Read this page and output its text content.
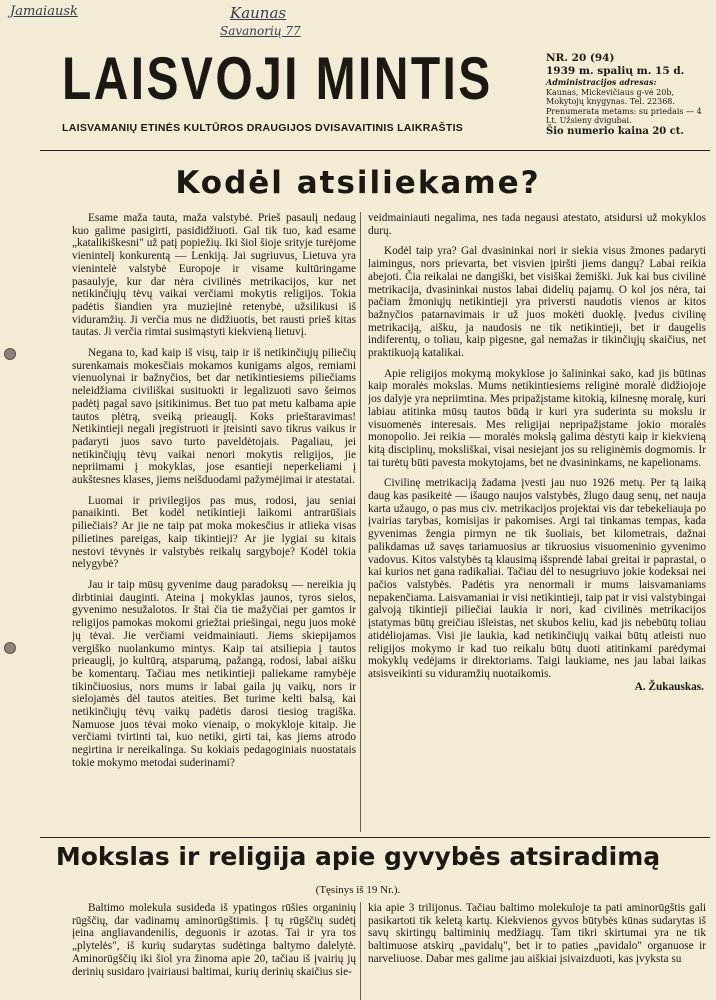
Jamaiausk	Kaunas
Savanorių 77
LAISVOJI MINTIS
LAISVAMANIŲ ETINĖS KULTŪROS DRAUGIJOS DVISAVAITINIS LAIKRAŠTIS
NR. 20 (94)
1939 m. spalių m. 15 d.
Administracijos adresas:
Kaunas, Mickevičiaus g-vė 20b, Mokytojų knygynas. Tel. 22368.
Prenumerata metams: su priedais — 4 Lt. Užsieny dvigubai.
Šio numerio kaina 20 ct.
Kodėl atsiliekame?

Esame maža tauta, maža valstybė. Prieš pasaulį nedaug kuo galime pasigirti, pasididžiuoti. Gal tik tuo, kad esame „katalikiškesni" už patį popiežių. Iki šiol šioje srityje turėjome vienintelį konkurentą — Lenkiją. Jai sugriuvus, Lietuva yra vienintelė valstybė Europoje ir visame kultūringame pasaulyje, kur dar nėra civilinės metrikacijos, kur net netikinčiųjų tėvų vaikai verčiami mokytis religijos. Tokia padėtis šiandien yra muziejinė retenybė, užsilikusi iš viduramžių. Ji verčia mus ne didžiuotis, bet rausti prieš kitas tautas. Ji verčia rimtai susimąstyti kiekvieną lietuvį.

Negana to, kad kaip iš visų, taip ir iš netikinčiųjų piliečių surenkamais mokesčiais mokamos kunigams algos, remiami vienuolynai ir bažnyčios, bet dar netikintiesiems piliečiams neleidžiama civiliškai susituokti ir legalizuoti savo šeimos padėtį pagal savo įsitikinimus. Bet tuo pat metu kalbama apie tautos plėtrą, sveiką prieauglį. Koks prieštaravimas! Netikintieji negali įregistruoti ir įteisinti savo tikrus vaikus ir padaryti juos savo turto paveldėtojais. Pagaliau, jei netikinčiųjų tėvų vaikai nenori mokytis religijos, jie nepriimami į mokyklas, jose esantieji neperkeliami į aukštesnes klases, jiems neišduodami pažymėjimai ir atestatai.

Luomai ir privilegijos pas mus, rodosi, jau seniai panaikinti. Bet kodėl netikintieji laikomi antrarūšiais piliečiais? Ar jie ne taip pat moka mokesčius ir atlieka visas pilietines pareigas, kaip tikintieji? Ar jie lygiai su kitais nestovi tėvynės ir valstybės reikalų sargyboje? Kodėl tokia nelygybė?

Jau ir taip mūsų gyvenime daug paradoksų — nereikia jų dirbtiniai dauginti. Ateina į mokyklas jaunos, tyros sielos, gyvenimo nesužalotos. Ir štai čia tie mažyčiai per gamtos ir religijos pamokas mokomi griežtai priešingai, negu juos mokė jų tėvai. Jie verčiami veidmainiauti. Jiems skiepijamos vergiško nuolankumo mintys. Kaip tai atsiliepia į tautos prieauglį, jo kultūrą, atsparumą, pažangą, rodosi, labai aišku be komentarų. Tačiau mes netikintieji paliekame ramybėje tikinčiuosius, nors mums ir labai gaila jų vaikų, nors ir sielojamės dėl tautos ateities. Bet turime kelti balsą, kai netikinčiųjų tėvų vaikų padėtis darosi tiesiog tragiška. Namuose juos tėvai moko vienaip, o mokykloje kitaip. Jie verčiami tvirtinti tai, kuo netiki, girti tai, kas jiems atrodo negirtina ir nereikalinga. Su kokiais pedagoginiais nuostatais tokie mokymo metodai suderinami?

veidmainiauti negalima, nes tada negausi atestato, atsidursi už mokyklos durų.

Kodėl taip yra? Gal dvasininkai nori ir siekia visus žmones padaryti laimingus, nors prievarta, bet visvien įpiršti jiems dangų? Labai reikia abejoti. Čia reikalai ne dangiški, bet visiškai žemiški. Juk kai bus civilinė metrikacija, dvasininkai nustos labai didelių pajamų. O kol jos nėra, tai pačiam žmoniųjų netikintieji yra priversti naudotis vienos ar kitos bažnyčios patarnavimais ir už juos mokėti duoklę. Įvedus civilinę metrikaciją, aišku, ja naudosis ne tik netikintieji, bet ir daugelis indiferentų, o toliau, kaip pigesne, gal nemažas ir tikinčiųjų skaičius, net praktikuoją katalikai.

Apie religijos mokymą mokyklose jo šalininkai sako, kad jis būtinas kaip moralės mokslas. Mums netikintiesiems religinė moralė didžiojoje jos dalyje yra nepriimtina. Mes pripažįstame kitokią, kilnesnę moralę, kuri labiau atitinka mūsų tautos būdą ir kuri yra suderinta su mokslu ir visuomenės interesais. Mes religijai nepripažįstame jokio moralės monopolio. Jei reikia — moralės mokslą galima dėstyti kaip ir kiekvieną kitą disciplinų, moksliškai, visai nesiejant jos su religinėmis dogmomis. Ir tai turėtų būti pavesta mokytojams, bet ne dvasininkams, ne kapelionams.

Civilinę metrikaciją žadama įvesti jau nuo 1926 metų. Per tą laiką daug kas pasikeitė — išaugo naujos valstybės, žlugo daug senų, net nauja karta užaugo, o pas mus civ. metrikacijos projektai vis dar tebekeliauja po įvairias tarybas, komisijas ir pakomises. Argi tai tinkamas tempas, kada gyvenimas žengia pirmyn ne tik šuoliais, bet kilometrais, dažnai palikdamas už savęs tariamuosius ar tikruosius visuomeninio gyvenimo vadovus. Kitos valstybės tą klausimą išsprendė labai greitai ir paprastai, o kai kurios net gana radikaliai. Tačiau dėl to nesugriuvo jokie kodeksai nei pačios valstybės. Padėtis yra nenormali ir mums laisvamaniams nepakenčiama. Laisvamaniai ir visi netikintieji, taip pat ir visi valstybingai galvoją tikintieji piliečiai laukia ir nori, kad civilinės metrikacijos įstatymas būtų greičiau išleistas, net skubos keliu, kad jis nebebūtų toliau atidėliojamas. Visi jie laukia, kad netikinčiųjų vaikai būtų atleisti nuo religijos mokymo ir kad tuo reikalu būtų duoti atitinkami parėdymai mokyklų vedėjams ir direktoriams. Taigi laukiame, nes jau labai laikas atsisveikinti su viduramžių nuotaikomis.

A. Žukauskas.

Mokslas ir religija apie gyvybės atsiradimą
(Tęsinys iš 19 Nr.).

Baltimo molekula susideda iš ypatingos rūšies organinių rūgščių, dar vadinamų aminorūgštimis. Į tų rūgščių sudėtį įeina angliavandenilis, deguonis ir azotas. Tai ir yra tos „plytelės", iš kurių sudarytas sudėtinga baltymo dalelytė. Aminorūgščių iki šiol yra žinoma apie 20, tačiau iš įvairių jų derinių susidaro įvairiausi baltimai, kurių derinių skaičius sie-

kia apie 3 trilijonus. Tačiau baltimo molekuloje ta pati aminorūgštis gali pasikartoti tik keletą kartų. Kiekvienos gyvos būtybės kūnas sudarytas iš savų skirtingų baltiminių medžiagų. Tam tikri skirtumai yra ne tik baltimuose atskirų „pavidalų", bet ir to paties „pavidalo" organuose ir narveliuose. Dabar mes galime jau aiškiai įsivaizduoti, kas įvyksta su
